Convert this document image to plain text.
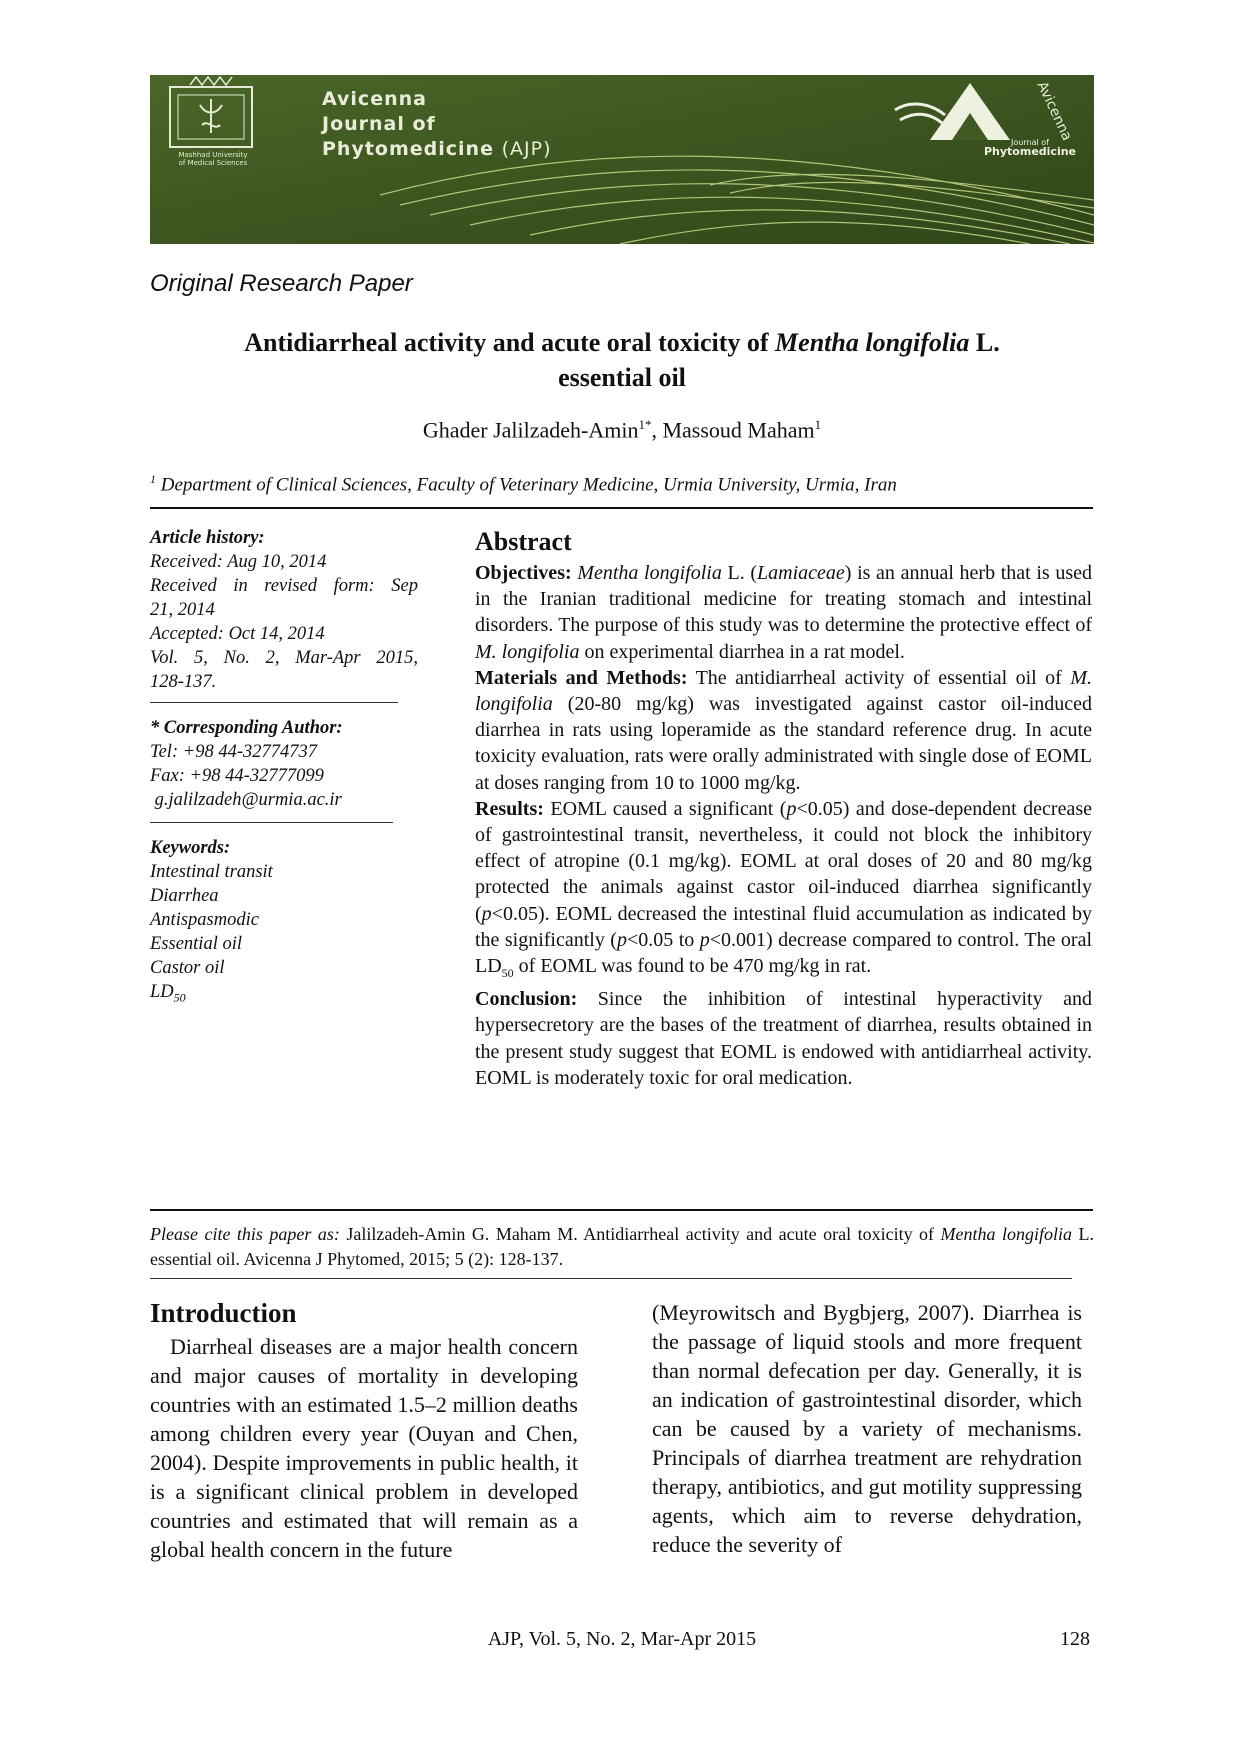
Avicenna
Journal of
Phytomedicine (AJP)
Mashhad University
of Medical Sciences
Avicenna
Journal of
Phytomedicine
Original Research Paper
Antidiarrheal activity and acute oral toxicity of Mentha longifolia L.
essential oil
Ghader Jalilzadeh-Amin$^{1*}$, Massoud Maham$^1$
$^1$ Department of Clinical Sciences, Faculty of Veterinary Medicine, Urmia University, Urmia, Iran
Article history:
Received: Aug 10, 2014
Received in revised form: Sep
21, 2014
Accepted: Oct 14, 2014
Vol. 5, No. 2, Mar-Apr 2015,
128-137.
* Corresponding Author:
Tel: +98 44-32774737
Fax: +98 44-32777099
g.jalilzadeh@urmia.ac.ir
Keywords:
Intestinal transit
Diarrhea
Antispasmodic
Essential oil
Castor oil
$LD_{50}$
Abstract

Objectives: Mentha longifolia L. (Lamiaceae) is an annual herb that is used in the Iranian traditional medicine for treating stomach and intestinal disorders. The purpose of this study was to determine the protective effect of M. longifolia on experimental diarrhea in a rat model.

Materials and Methods: The antidiarrheal activity of essential oil of M. longifolia (20-80 mg/kg) was investigated against castor oil-induced diarrhea in rats using loperamide as the standard reference drug. In acute toxicity evaluation, rats were orally administrated with single dose of EOML at doses ranging from 10 to 1000 mg/kg.

Results: EOML caused a significant (p<0.05) and dose-dependent decrease of gastrointestinal transit, nevertheless, it could not block the inhibitory effect of atropine (0.1 mg/kg). EOML at oral doses of 20 and 80 mg/kg protected the animals against castor oil-induced diarrhea significantly (p<0.05). EOML decreased the intestinal fluid accumulation as indicated by the significantly (p<0.05 to p<0.001) decrease compared to control. The oral $LD_{50}$ of EOML was found to be 470 mg/kg in rat.

Conclusion: Since the inhibition of intestinal hyperactivity and hypersecretory are the bases of the treatment of diarrhea, results obtained in the present study suggest that EOML is endowed with antidiarrheal activity. EOML is moderately toxic for oral medication.

Please cite this paper as: Jalilzadeh-Amin G. Maham M. Antidiarrheal activity and acute oral toxicity of Mentha longifolia L. essential oil. Avicenna J Phytomed, 2015; 5 (2): 128-137.
Introduction

Diarrheal diseases are a major health concern and major causes of mortality in developing countries with an estimated 1.5–2 million deaths among children every year (Ouyan and Chen, 2004). Despite improvements in public health, it is a significant clinical problem in developed countries and estimated that will remain as a global health concern in the future

(Meyrowitsch and Bygbjerg, 2007). Diarrhea is the passage of liquid stools and more frequent than normal defecation per day. Generally, it is an indication of gastrointestinal disorder, which can be caused by a variety of mechanisms. Principals of diarrhea treatment are rehydration therapy, antibiotics, and gut motility suppressing agents, which aim to reverse dehydration, reduce the severity of

AJP, Vol. 5, No. 2, Mar-Apr 2015	128
